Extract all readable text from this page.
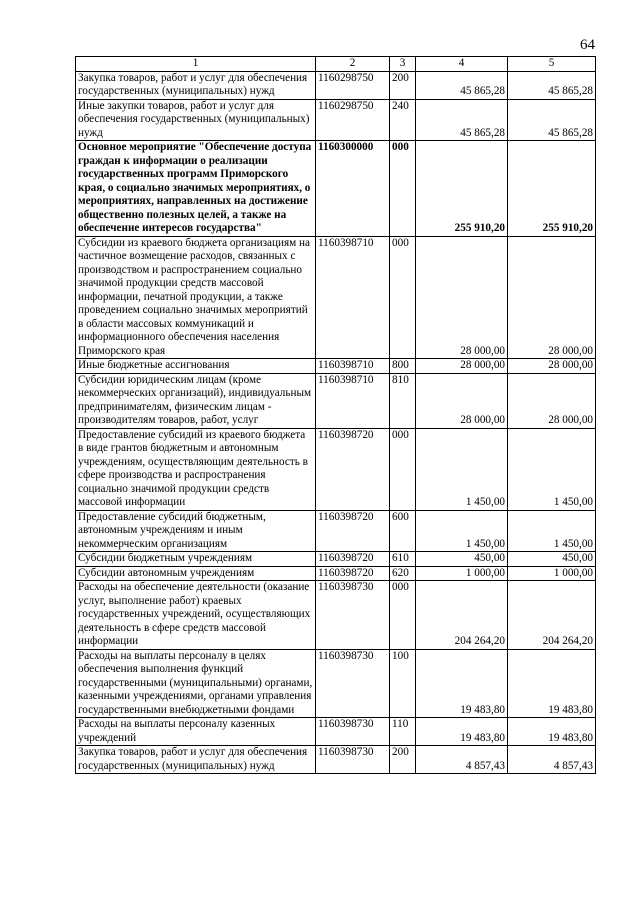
64
1	2	3	4	5
Закупка товаров, работ и услуг для обеспечения государственных (муниципальных) нужд	1160298750	200	45 865,28	45 865,28
Иные закупки товаров, работ и услуг для обеспечения государственных (муниципальных) нужд	1160298750	240	45 865,28	45 865,28
Основное мероприятие "Обеспечение доступа граждан к информации о реализации государственных программ Приморского края, о социально значимых мероприятиях, о мероприятиях, направленных на достижение общественно полезных целей, а также на обеспечение интересов государства"	1160300000	000	255 910,20	255 910,20
Субсидии из краевого бюджета организациям на частичное возмещение расходов, связанных с производством и распространением социально значимой продукции средств массовой информации, печатной продукции, а также проведением социально значимых мероприятий в области массовых коммуникаций и информационного обеспечения населения Приморского края	1160398710	000	28 000,00	28 000,00
Иные бюджетные ассигнования	1160398710	800	28 000,00	28 000,00
Субсидии юридическим лицам (кроме некоммерческих организаций), индивидуальным предпринимателям, физическим лицам - производителям товаров, работ, услуг	1160398710	810	28 000,00	28 000,00
Предоставление субсидий из краевого бюджета в виде грантов бюджетным и автономным учреждениям, осуществляющим деятельность в сфере производства и распространения социально значимой продукции средств массовой информации	1160398720	000	1 450,00	1 450,00
Предоставление субсидий бюджетным, автономным учреждениям и иным некоммерческим организациям	1160398720	600	1 450,00	1 450,00
Субсидии бюджетным учреждениям	1160398720	610	450,00	450,00
Субсидии автономным учреждениям	1160398720	620	1 000,00	1 000,00
Расходы на обеспечение деятельности (оказание услуг, выполнение работ) краевых государственных учреждений, осуществляющих деятельность в сфере средств массовой информации	1160398730	000	204 264,20	204 264,20
Расходы на выплаты персоналу в целях обеспечения выполнения функций государственными (муниципальными) органами, казенными учреждениями, органами управления государственными внебюджетными фондами	1160398730	100	19 483,80	19 483,80
Расходы на выплаты персоналу казенных учреждений	1160398730	110	19 483,80	19 483,80
Закупка товаров, работ и услуг для обеспечения государственных (муниципальных) нужд	1160398730	200	4 857,43	4 857,43
